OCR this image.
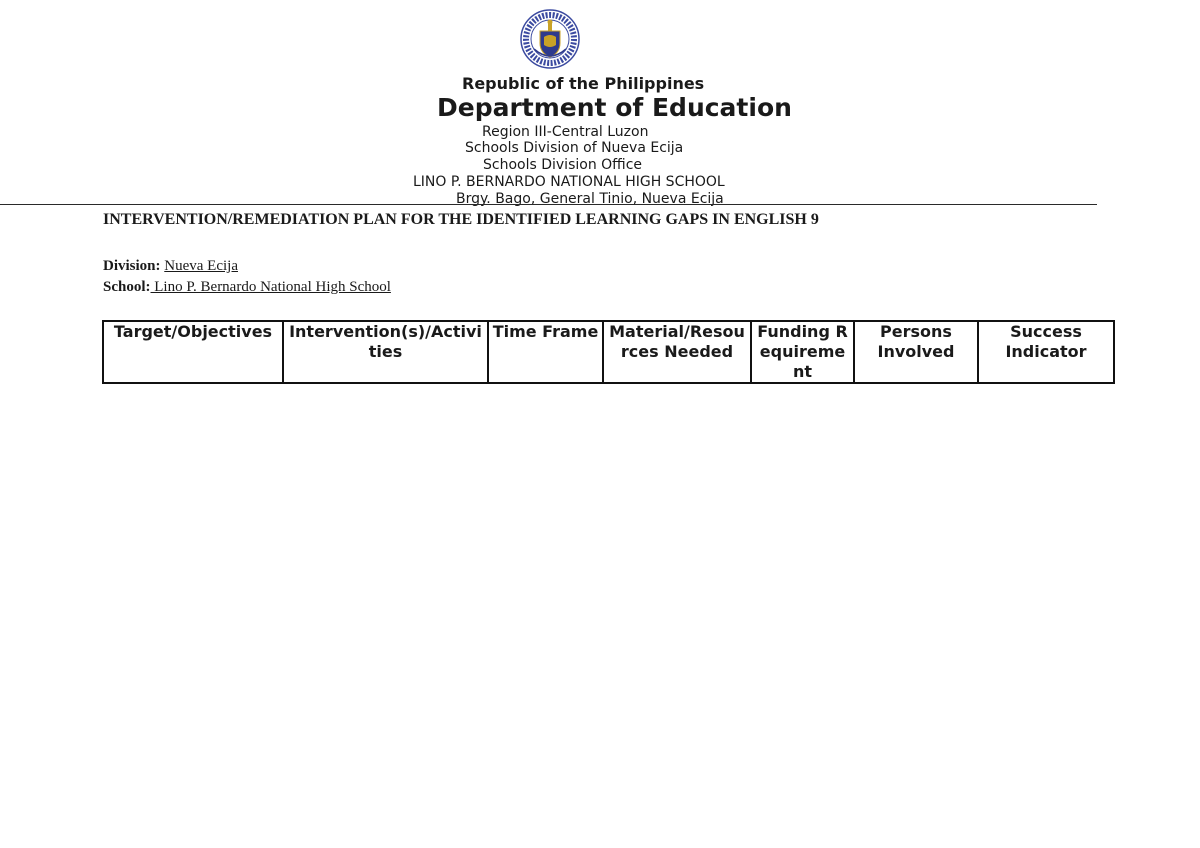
Republic of the Philippines
Department of Education
Region III-Central Luzon
Schools Division of Nueva Ecija
Schools Division Office
LINO P. BERNARDO NATIONAL HIGH SCHOOL
Brgy. Bago, General Tinio, Nueva Ecija
INTERVENTION/REMEDIATION PLAN FOR THE IDENTIFIED LEARNING GAPS IN ENGLISH 9
Division: Nueva Ecija
School: Lino P. Bernardo National High School
Target/Objectives	Intervention(s)/Activities	Time Frame	Material/Resources Needed	Funding Requirement	Persons Involved	Success Indicator
